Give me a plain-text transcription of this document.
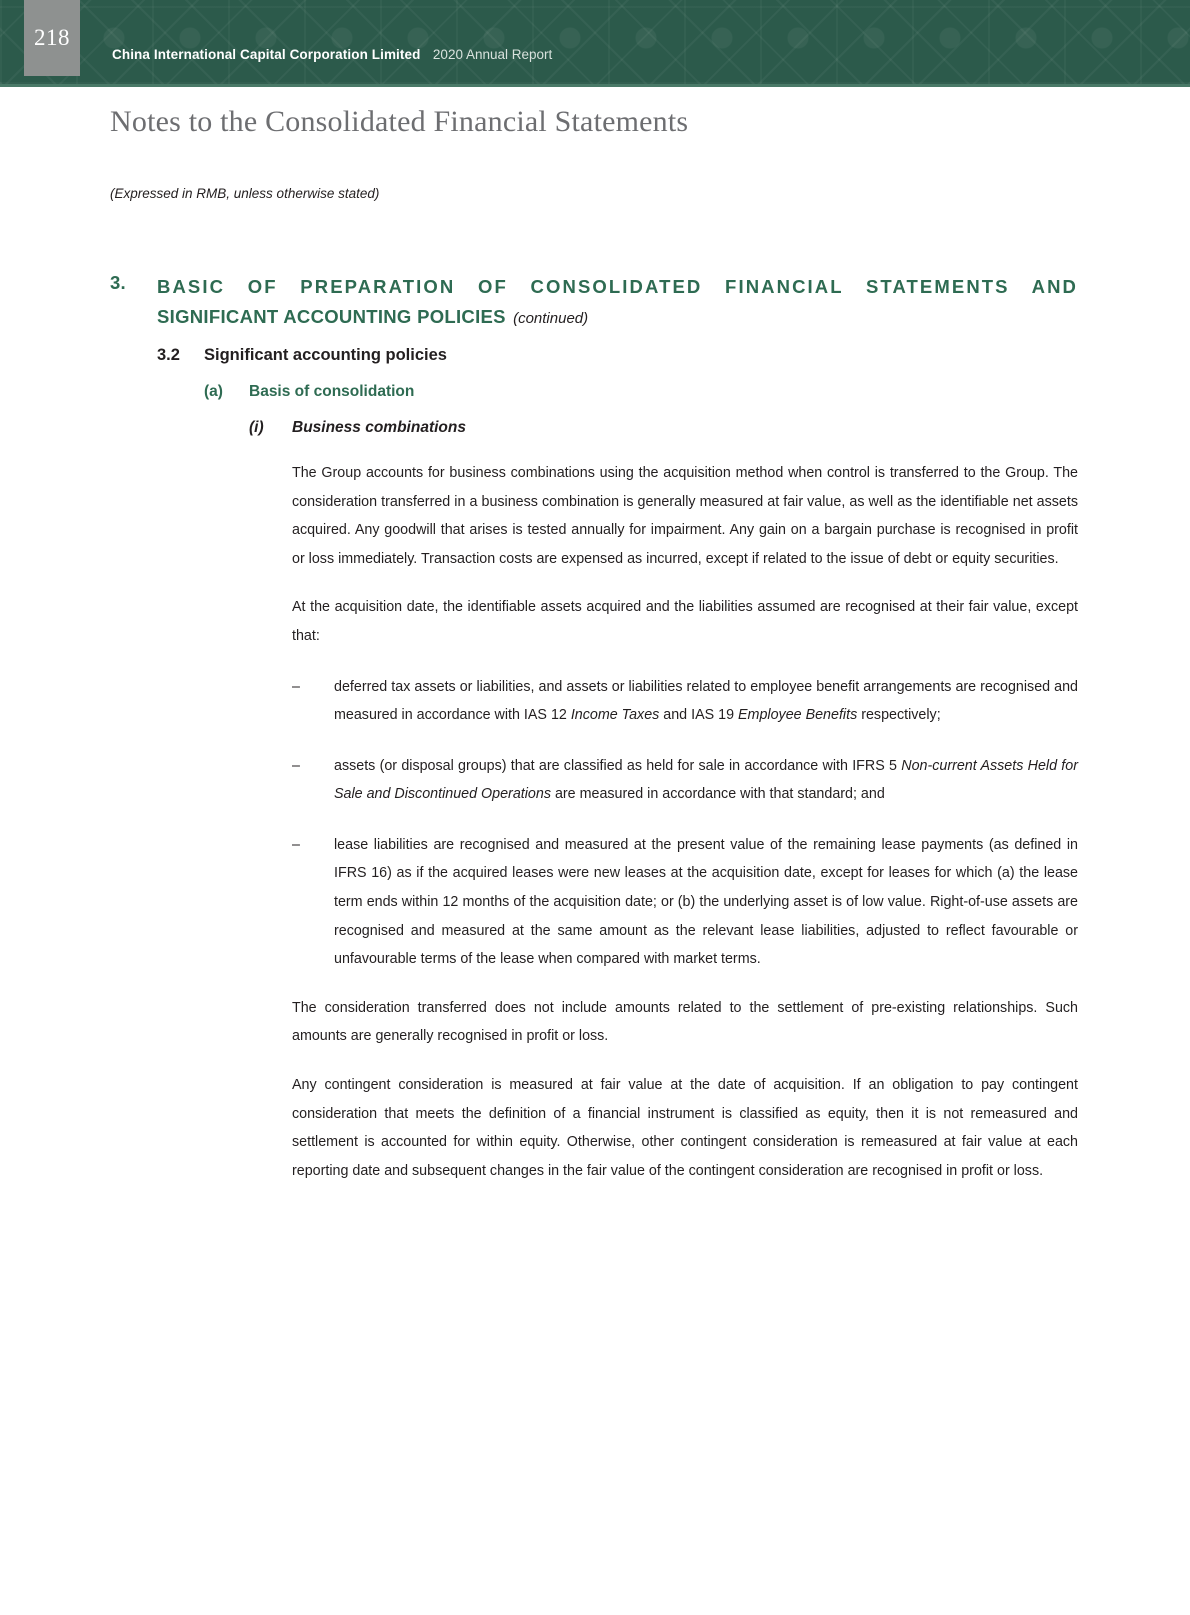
218
China International Capital Corporation Limited 2020 Annual Report
Notes to the Consolidated Financial Statements
(Expressed in RMB, unless otherwise stated)
3.	BASIC OF PREPARATION OF CONSOLIDATED FINANCIAL STATEMENTS AND SIGNIFICANT ACCOUNTING POLICIES (continued)
3.2	Significant accounting policies
(a)	Basis of consolidation
(i)	Business combinations
The Group accounts for business combinations using the acquisition method when control is transferred to the Group. The consideration transferred in a business combination is generally measured at fair value, as well as the identifiable net assets acquired. Any goodwill that arises is tested annually for impairment. Any gain on a bargain purchase is recognised in profit or loss immediately. Transaction costs are expensed as incurred, except if related to the issue of debt or equity securities.
At the acquisition date, the identifiable assets acquired and the liabilities assumed are recognised at their fair value, except that:
–	deferred tax assets or liabilities, and assets or liabilities related to employee benefit arrangements are recognised and measured in accordance with IAS 12 Income Taxes and IAS 19 Employee Benefits respectively;
–	assets (or disposal groups) that are classified as held for sale in accordance with IFRS 5 Non-current Assets Held for Sale and Discontinued Operations are measured in accordance with that standard; and
–	lease liabilities are recognised and measured at the present value of the remaining lease payments (as defined in IFRS 16) as if the acquired leases were new leases at the acquisition date, except for leases for which (a) the lease term ends within 12 months of the acquisition date; or (b) the underlying asset is of low value. Right-of-use assets are recognised and measured at the same amount as the relevant lease liabilities, adjusted to reflect favourable or unfavourable terms of the lease when compared with market terms.
The consideration transferred does not include amounts related to the settlement of pre-existing relationships. Such amounts are generally recognised in profit or loss.
Any contingent consideration is measured at fair value at the date of acquisition. If an obligation to pay contingent consideration that meets the definition of a financial instrument is classified as equity, then it is not remeasured and settlement is accounted for within equity. Otherwise, other contingent consideration is remeasured at fair value at each reporting date and subsequent changes in the fair value of the contingent consideration are recognised in profit or loss.
